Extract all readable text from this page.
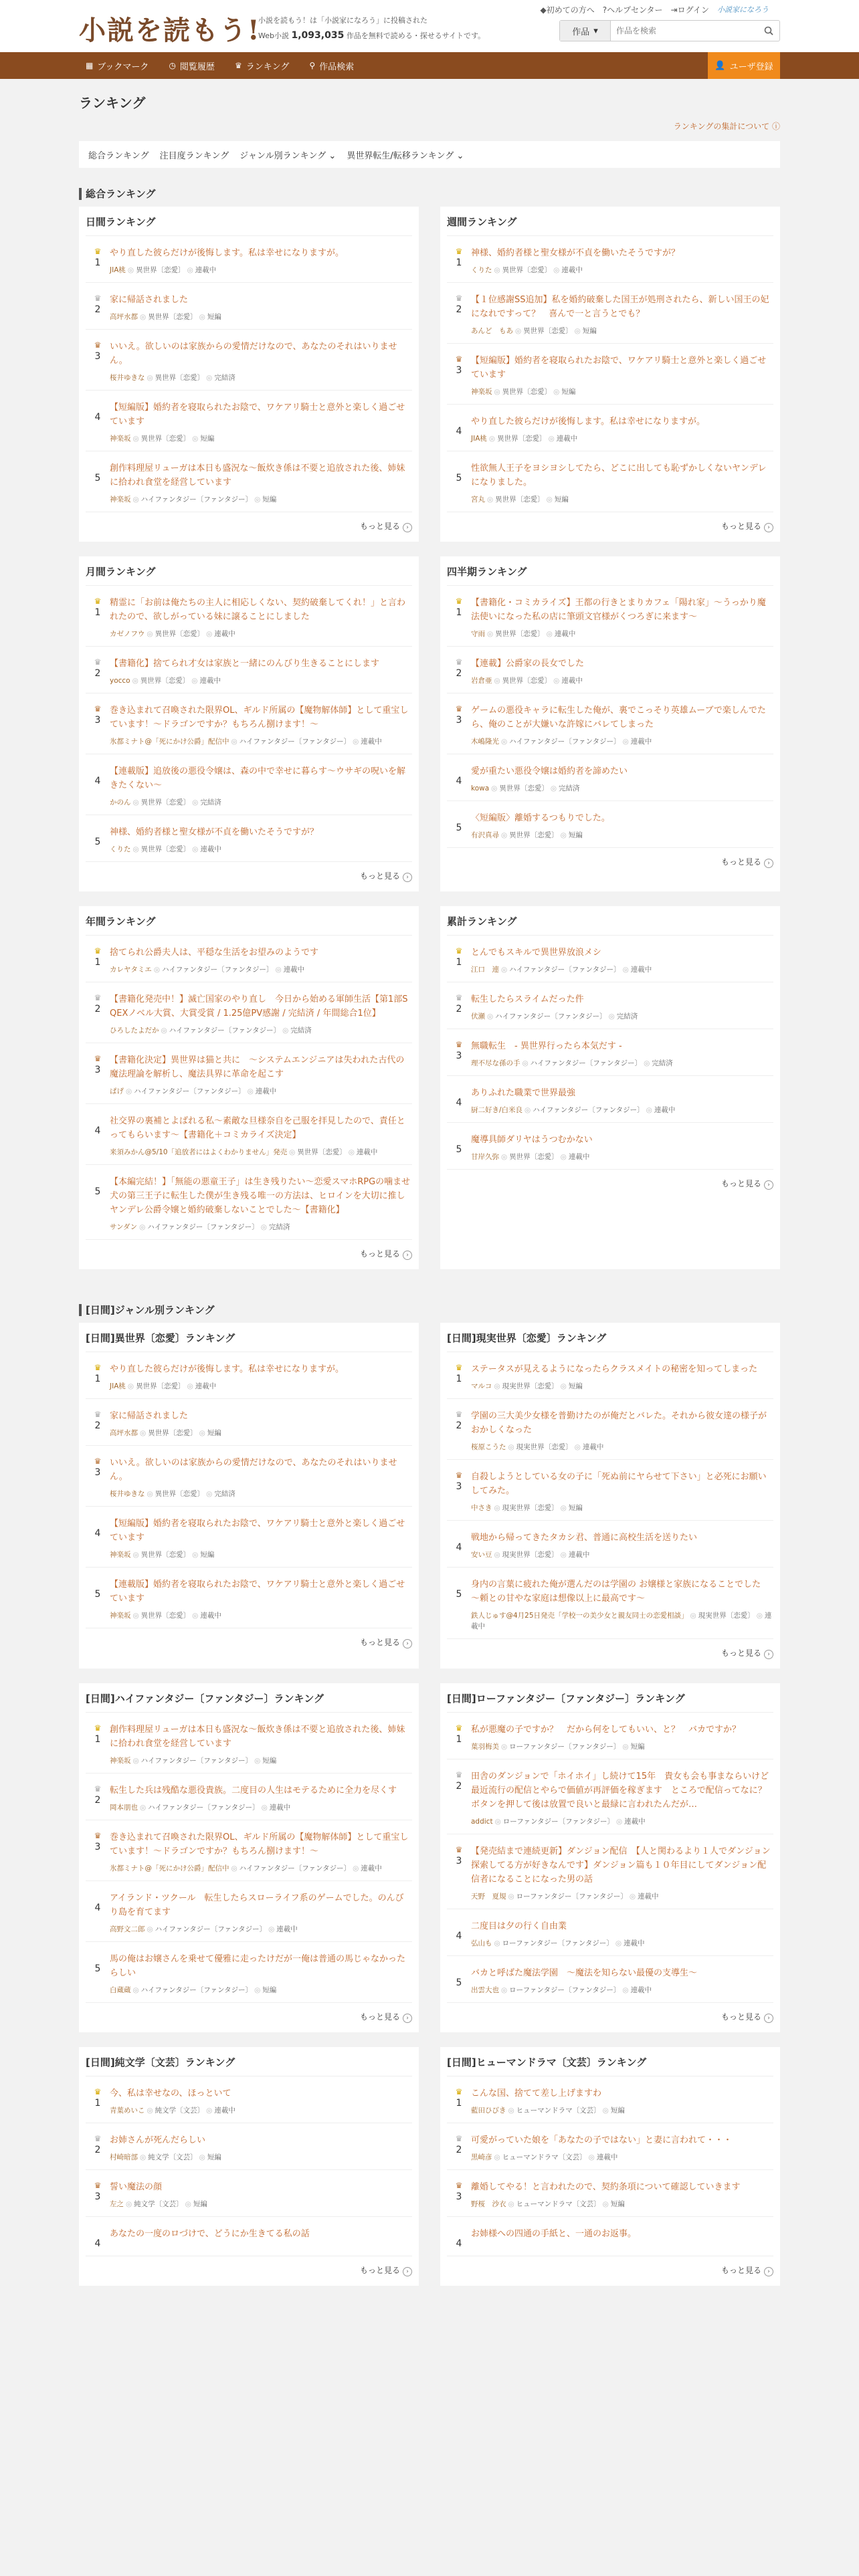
小説を読もう!
小説を読もう！は「小説家になろう」に投稿された
Web小説 1,093,035 作品を無料で読める・探せるサイトです。
◆初めての方へ ?ヘルプセンター ⇥ログイン 小説家になろう
作品 ▾
作品を検索
▦ ブックマーク	◷ 閲覧履歴	♛ ランキング	⚲ 作品検索	👤 ユーザ登録
ランキング
ランキングの集計について ⓘ
総合ランキング 注目度ランキング ジャンル別ランキング ⌄ 異世界転生/転移ランキング ⌄
総合ランキング
日間ランキング
♛
1
やり直した彼らだけが後悔します。私は幸せになりますが。
JIA桃 ◎ 異世界〔恋愛〕 ◎ 連載中
♛
2
家に帰話されました
高坪水都 ◎ 異世界〔恋愛〕 ◎ 短編
♛
3
いいえ。欲しいのは家族からの愛情だけなので、あなたのそれはいりません。
桜井ゆきな ◎ 異世界〔恋愛〕 ◎ 完結済
4
【短編版】婚約者を寝取られたお陰で、ワケアリ騎士と意外と楽しく過ごせています
神楽坂 ◎ 異世界〔恋愛〕 ◎ 短編
5
創作料理屋リューガは本日も盛況な～飯炊き係は不要と追放された後、姉妹に拾われ食堂を経営しています
神楽坂 ◎ ハイファンタジー〔ファンタジー〕 ◎ 短編
もっと見る ›
週間ランキング
♛
1
神様、婚約者様と聖女様が不貞を働いたそうですが？
くりた ◎ 異世界〔恋愛〕 ◎ 連載中
♛
2
【１位感謝SS追加】私を婚約破棄した国王が処刑されたら、新しい国王の妃になれですって？　喜んで一と言うとでも？
あんど　もあ ◎ 異世界〔恋愛〕 ◎ 短編
♛
3
【短編版】婚約者を寝取られたお陰で、ワケアリ騎士と意外と楽しく過ごせています
神楽坂 ◎ 異世界〔恋愛〕 ◎ 短編
4
やり直した彼らだけが後悔します。私は幸せになりますが。
JIA桃 ◎ 異世界〔恋愛〕 ◎ 連載中
5
性欲無人王子をヨシヨシしてたら、どこに出しても恥ずかしくないヤンデレになりました。
宮丸 ◎ 異世界〔恋愛〕 ◎ 短編
もっと見る ›
月間ランキング
♛
1
精霊に「お前は俺たちの主人に相応しくない、契約破棄してくれ！」と言われたので、欲しがっている妹に譲ることにしました
カゼノフウ ◎ 異世界〔恋愛〕 ◎ 連載中
♛
2
【書籍化】捨てられ才女は家族と一緒にのんびり生きることにします
yocco ◎ 異世界〔恋愛〕 ◎ 連載中
♛
3
巻き込まれて召喚された限界OL、ギルド所属の【魔物解体師】として重宝しています！～ドラゴンですか？もちろん捌けます！～
氷都ミナト@「死にかけ公爵」配信中 ◎ ハイファンタジー〔ファンタジー〕 ◎ 連載中
4
【連載版】追放後の悪役令嬢は、森の中で幸せに暮らす～ウサギの呪いを解きたくない～
かのん ◎ 異世界〔恋愛〕 ◎ 完結済
5
神様、婚約者様と聖女様が不貞を働いたそうですが？
くりた ◎ 異世界〔恋愛〕 ◎ 連載中
もっと見る ›
四半期ランキング
♛
1
【書籍化・コミカライズ】王都の行きとまりカフェ「陽れ家」～うっかり魔法使いになった私の店に筆頭文官様がくつろぎに来ます～
守雨 ◎ 異世界〔恋愛〕 ◎ 連載中
♛
2
【連載】公爵家の長女でした
岩倉亜 ◎ 異世界〔恋愛〕 ◎ 連載中
♛
3
ゲームの悪役キャラに転生した俺が、裏でこっそり英雄ムーブで楽しんでたら、俺のことが大嫌いな許嫁にバレてしまった
木嶋隆光 ◎ ハイファンタジー〔ファンタジー〕 ◎ 連載中
4
愛が重たい悪役令嬢は婚約者を諦めたい
kowa ◎ 異世界〔恋愛〕 ◎ 完結済
5
〈短編版〉離婚するつもりでした。
有沢真尋 ◎ 異世界〔恋愛〕 ◎ 短編
もっと見る ›
年間ランキング
♛
1
捨てられ公爵夫人は、平穏な生活をお望みのようです
カレヤタミエ ◎ ハイファンタジー〔ファンタジー〕 ◎ 連載中
♛
2
【書籍化発売中！】滅亡国家のやり直し　今日から始める軍師生活【第1部SQEXノベル大賞、大賞受賞 / 1.25億PV感謝 / 完結済 / 年間総合1位】
ひろしたよだか ◎ ハイファンタジー〔ファンタジー〕 ◎ 完結済
♛
3
【書籍化決定】異世界は猫と共に　～システムエンジニアは失われた古代の魔法理論を解析し、魔法具界に革命を起こす
ぱげ ◎ ハイファンタジー〔ファンタジー〕 ◎ 連載中
4
社交界の裏補とよばれる私～素敵な旦様奈自を己服を拝見したので、責任とってもらいます～【書籍化＋コミカライズ決定】
来須みかん@5/10「追放者にはよくわかりません」発売 ◎ 異世界〔恋愛〕 ◎ 連載中
5
【本編完結！】「無能の悪童王子」は生き残りたい～恋愛スマホRPGの噛ませ犬の第三王子に転生した僕が生き残る唯一の方法は、ヒロインを大切に推しヤンデレ公爵令嬢と婚約破棄しないことでした～【書籍化】
サンダン ◎ ハイファンタジー〔ファンタジー〕 ◎ 完結済
もっと見る ›
累計ランキング
♛
1
とんでもスキルで異世界放浪メシ
江口　連 ◎ ハイファンタジー〔ファンタジー〕 ◎ 連載中
♛
2
転生したらスライムだった件
伏瀬 ◎ ハイファンタジー〔ファンタジー〕 ◎ 完結済
♛
3
無職転生　- 異世界行ったら本気だす -
理不尽な孫の手 ◎ ハイファンタジー〔ファンタジー〕 ◎ 完結済
4
ありふれた職業で世界最強
厨二好き/白米良 ◎ ハイファンタジー〔ファンタジー〕 ◎ 連載中
5
魔導具師ダリヤはうつむかない
甘岸久弥 ◎ 異世界〔恋愛〕 ◎ 連載中
もっと見る ›
[日間]ジャンル別ランキング
[日間]異世界〔恋愛〕ランキング
♛
1
やり直した彼らだけが後悔します。私は幸せになりますが。
JIA桃 ◎ 異世界〔恋愛〕 ◎ 連載中
♛
2
家に帰話されました
高坪水都 ◎ 異世界〔恋愛〕 ◎ 短編
♛
3
いいえ。欲しいのは家族からの愛情だけなので、あなたのそれはいりません。
桜井ゆきな ◎ 異世界〔恋愛〕 ◎ 完結済
4
【短編版】婚約者を寝取られたお陰で、ワケアリ騎士と意外と楽しく過ごせています
神楽坂 ◎ 異世界〔恋愛〕 ◎ 短編
5
【連載版】婚約者を寝取られたお陰で、ワケアリ騎士と意外と楽しく過ごせています
神楽坂 ◎ 異世界〔恋愛〕 ◎ 連載中
もっと見る ›
[日間]現実世界〔恋愛〕ランキング
♛
1
ステータスが見えるようになったらクラスメイトの秘密を知ってしまった
マルコ ◎ 現実世界〔恋愛〕 ◎ 短編
♛
2
学園の三大美少女様を普勤けたのが俺だとバレた。それから彼女達の様子がおかしくなった
桜原こうた ◎ 現実世界〔恋愛〕 ◎ 連載中
♛
3
自殺しようとしている女の子に「死ぬ前にヤらせて下さい」と必死にお願いしてみた。
中さき ◎ 現実世界〔恋愛〕 ◎ 短編
4
戦地から帰ってきたタカシ君、普通に高校生活を送りたい
安い豆 ◎ 現実世界〔恋愛〕 ◎ 連載中
5
身内の言葉に疲れた俺が選んだのは学園の お嬢様と家族になることでした　～頼との甘やな家庭は想像以上に最高です～
鉄人じゅす@4月25日発売「学校一の美少女と親友同士の恋愛相談」 ◎ 現実世界〔恋愛〕 ◎ 連載中
もっと見る ›
[日間]ハイファンタジー〔ファンタジー〕ランキング
♛
1
創作料理屋リューガは本日も盛況な～飯炊き係は不要と追放された後、姉妹に拾われ食堂を経営しています
神楽坂 ◎ ハイファンタジー〔ファンタジー〕 ◎ 短編
♛
2
転生した兵は残酷な悪役貴族。二度目の人生はモテるために全力を尽くす
岡本朋也 ◎ ハイファンタジー〔ファンタジー〕 ◎ 連載中
♛
3
巻き込まれて召喚された限界OL、ギルド所属の【魔物解体師】として重宝しています！～ドラゴンですか？もちろん捌けます！～
氷都ミナト@「死にかけ公爵」配信中 ◎ ハイファンタジー〔ファンタジー〕 ◎ 連載中
4
アイランド・ツクール　転生したらスローライフ系のゲームでした。のんびり島を育てます
高野文二郎 ◎ ハイファンタジー〔ファンタジー〕 ◎ 連載中
5
馬の俺はお嬢さんを乗せて優雅に走ったけだが一俺は普通の馬じゃなかったらしい
白蔵蔵 ◎ ハイファンタジー〔ファンタジー〕 ◎ 短編
もっと見る ›
[日間]ローファンタジー〔ファンタジー〕ランキング
♛
1
私が悪魔の子ですか？　だから何をしてもいい、と？　バカですか？
葉羽梅美 ◎ ローファンタジー〔ファンタジー〕 ◎ 短編
♛
2
田舎のダンジョンで「ホイホイ」し続けて15年　貴女も会も事まならいけど最近流行の配信とやらで価値が再評価を稼ぎます　ところで配信ってなに？ボタンを押して後は放置で良いと最緑に言われたんだが…
addict ◎ ローファンタジー〔ファンタジー〕 ◎ 連載中
♛
3
【発売結まで連続更新】ダンジョン配信　【人と関わるより１人でダンジョン探索してる方が好きなんです】ダンジョン篇も１０年目にしてダンジョン配信者になることになった男の話
天野　夏規 ◎ ローファンタジー〔ファンタジー〕 ◎ 連載中
4
二度目は夕の行く自由業
弘山も ◎ ローファンタジー〔ファンタジー〕 ◎ 連載中
5
バカと呼ばた魔法学園　～魔法を知らない最優の支導生～
出雲大也 ◎ ローファンタジー〔ファンタジー〕 ◎ 連載中
もっと見る ›
[日間]純文学〔文芸〕ランキング
♛
1
今、私は幸せなの、ほっといて
青葉めいこ ◎ 純文学〔文芸〕 ◎ 連載中
♛
2
お姉さんが死んだらしい
村崎暗部 ◎ 純文学〔文芸〕 ◎ 短編
♛
3
誓い魔法の顔
左之 ◎ 純文学〔文芸〕 ◎ 短編
4
あなたの一度のロづけで、どうにか生きてる私の話
もっと見る ›
[日間]ヒューマンドラマ〔文芸〕ランキング
♛
1
こんな国、捨てて差し上げますわ
藍田ひびき ◎ ヒューマンドラマ〔文芸〕 ◎ 短編
♛
2
可愛がっていた娘を「あなたの子ではない」と妻に言われて・・・
黒崎彦 ◎ ヒューマンドラマ〔文芸〕 ◎ 連載中
♛
3
離婚してやる！と言われたので、契約条項について確認していきます
野桜　沙衣 ◎ ヒューマンドラマ〔文芸〕 ◎ 短編
4
お姉様への四通の手紙と、一通のお返事。
もっと見る ›
